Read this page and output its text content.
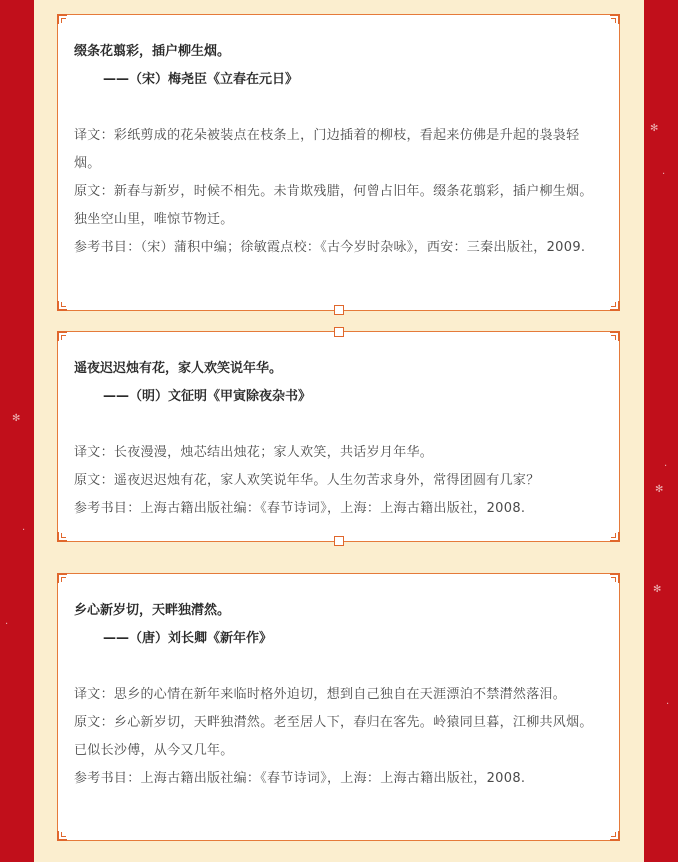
✻
·
·
✻
·
✻
·
✻
·

缀条花翦彩，插户柳生烟。

——（宋）梅尧臣《立春在元日》

译文：彩纸剪成的花朵被装点在枝条上，门边插着的柳枝，看起来仿佛是升起的袅袅轻烟。

原文：新春与新岁，时候不相先。未肯欺残腊，何曾占旧年。缀条花翦彩，插户柳生烟。独坐空山里，唯惊节物迁。

参考书目：（宋）蒲积中编；徐敏霞点校：《古今岁时杂咏》，西安：三秦出版社，2009.

遥夜迟迟烛有花，家人欢笑说年华。

——（明）文征明《甲寅除夜杂书》

译文：长夜漫漫，烛芯结出烛花；家人欢笑，共话岁月年华。

原文：遥夜迟迟烛有花，家人欢笑说年华。人生勿苦求身外，常得团圆有几家？

参考书目：上海古籍出版社编：《春节诗词》，上海：上海古籍出版社，2008.

乡心新岁切，天畔独潸然。

——（唐）刘长卿《新年作》

译文：思乡的心情在新年来临时格外迫切，想到自己独自在天涯漂泊不禁潸然落泪。

原文：乡心新岁切，天畔独潸然。老至居人下，春归在客先。岭猿同旦暮，江柳共风烟。已似长沙傅，从今又几年。

参考书目：上海古籍出版社编：《春节诗词》，上海：上海古籍出版社，2008.
